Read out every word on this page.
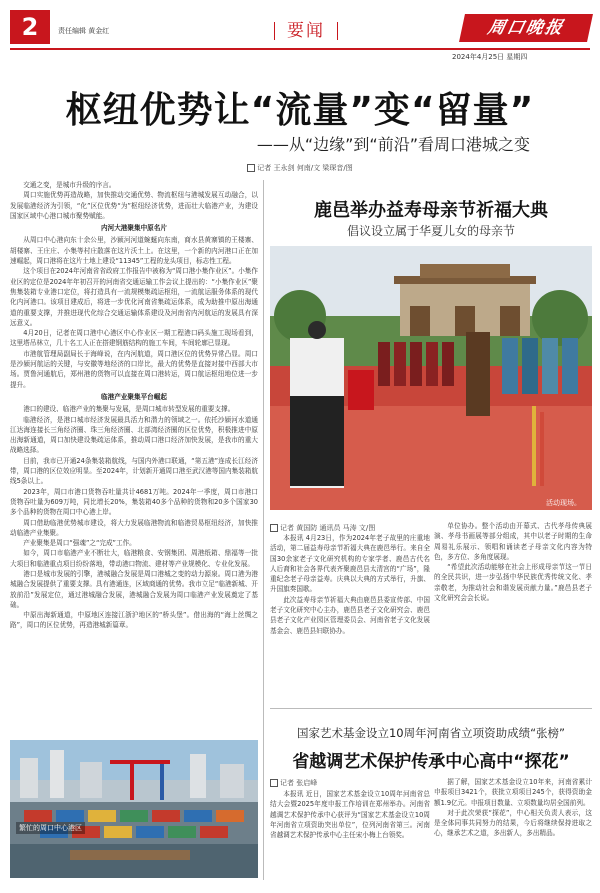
2	责任编辑 黄金红	要闻	周口晚报
2024年4月25日 星期四
枢纽优势让“流量”变“留量”
——从“边缘”到“前沿”看周口港城之变
记者 王永剑 何南/文 梁琛音/图

交通之变，是城市升级的序言。

周口实施优势再造战略，加快推动交通优势、物流枢纽与港城发展互动融合，以发展临港经济为引领，“化”区位优势“为”枢纽经济优势，进而壮大临港产业，为建设国家区域中心港口城市聚势赋能。

内河大港聚集中原名片

从周口中心港向东十余公里，沙颍河河道蜿蜒向东南，商水县黄寨镇的王楼寨、胡楼寨、王庄庄、小集等村庄散落在这片沃土上。在这里，一个新的内河港口正在加速崛起，周口港将在这片土地上建设“11345”工程的龙头项目，标志性工程。

这个项目在2024年河南省省政府工作报告中被称为“周口港小集作业区”。小集作业区的定位是2024年年初召开的河南省交通运输工作会议上提出的：“小集作业区”聚焦集装箱专业港口定位，将打造具有一流规模集疏运枢纽，一流航运服务体系的现代化内河港口。该项目建成后，将进一步优化河南省集疏运体系，成为助推中原出海通道的重要支撑，并推进现代化综合交通运输体系建设及河南省内河航运的发展具有深远意义。

4月20日，记者在周口港中心港区中心作业区一期工程港口码头施工现场看到，这里塔吊林立，几十名工人正在搭建钢筋结构的施工车间，车间轮廓已显现。

市港航管理局副局长于海峰说，在内河航道，周口港区位的优势异常凸显。周口是沙颍河航运的关键，与安徽等地经济的口岸比，最大的优势是直接对接中西部大市场。贾鲁河通航后，郑州港的货物可以直接在周口港转运，周口航运枢纽地位进一步提升。

临港产业聚集平台崛起

港口的建设、临港产业的集聚与发展，是周口城市转型发展的重要支撑。

临港经济，是港口城市经济发展最具活力和潜力的领域之一。依托沙颍河水道通江达海连接长三角经济圈、珠三角经济圈、北部湾经济圈的区位优势，积极推进中原出海新通道，周口加快建设集疏运体系，推动周口港口经济加快发展，是我市的重大战略选择。

目前，我市已开通24条集装箱航线，与国内外港口联通，“第五港”连成长江经济带，周口港的区位效应明显。至2024年，计划新开通周口港至武汉港等国内集装箱航线5条以上。

2023年，周口市港口货物吞吐量共计4681万吨。2024年一季度，周口市港口货物吞吐量为609万吨，同比增长20%，集装箱40多个品种的货物和20多个国家30多个品种的货物在周口中心港上岸。

周口借助临港优势城市建设，将大力发展临港物流和临港贸易枢纽经济，加快推动临港产业集聚。

产业聚集是周口“强魂”之“完成”工作。

如今，周口市临港产业不断壮大，临港粮食、安钢集团、周港纸箱、鼎福等一批大项目和临港重点项目纷纷落地，带动港口物流、建材等产业规模化、专业化发展。

港口是城市发展的引擎，港城融合发展是周口港城之变的动力源泉。周口港为港城融合发展提供了重要支撑。具有港通连，区域商通的优势。我市立足“临港新城、开放前沿”发展定位，通过港城融合发展，港城融合发展为周口临港产业发展奠定了基础。

中原出海新通道，中原地区连接江浙沪地区的“桥头堡”。借出海的“海上丝绸之路”，周口的区位优势，再造港城新篇章。

繁忙的周口中心港区
鹿邑举办益寿母亲节祈福大典
倡议设立属于华夏儿女的母亲节
活动现场。
记者 黄国防 通讯员 马涛 文/图

本报讯 4月23日，作为2024年老子故里的庄重地活动，第二届益寿母亲节祈福大典在鹿邑举行。来自全国30余家老子文化研究机构的专家学者、鹿邑古代名人后裔和社会各界代表齐聚鹿邑县太清宫的“广场”，隆重纪念老子母亲益寿。庆典以大典的方式举行，升旗、升国旗奏国歌。

此次益寿母亲节祈福大典由鹿邑县委宣传部、中国老子文化研究中心主办，鹿邑县老子文化研究会、鹿邑县老子文化产业园区管理委员会、河南省老子文化发展基金会、鹿邑县妇联协办。

单位协办。整个活动由开幕式、古代孝母传典展演、孝母书画展等部分组成，其中以老子时期的生命周易礼乐展示、领唱和诵读老子母亲文化内容为特色，多方位、多角度展现。

“希望此次活动能够在社会上形成母亲节这一节日的全民共识，进一步弘扬中华民族优秀传统文化、孝亲敬老，为推动社会和谐发展贡献力量。”鹿邑县老子文化研究会会长说。

国家艺术基金设立10周年河南省立项资助成绩“张榜”
省越调艺术保护传承中心高中“探花”
记者 张启峰

本报讯 近日，国家艺术基金设立10周年河南省总结大会暨2025年度申报工作培训在郑州举办。河南省越调艺术保护传承中心获评为“国家艺术基金设立10周年河南省立项资助突出单位”，位列河南省第三。河南省越调艺术保护传承中心主任宋小梅上台领奖。

据了解，国家艺术基金设立10年来，河南省累计申报项目3421个，获批立项项目245个，获得资助金额1.9亿元。申报项目数量、立项数量均居全国前列。

对于此次荣获“探花”，中心相关负责人表示，这是全体同事共同努力的结果，今后将继续保持进取之心，继承艺术之道，多出新人，多出精品。
